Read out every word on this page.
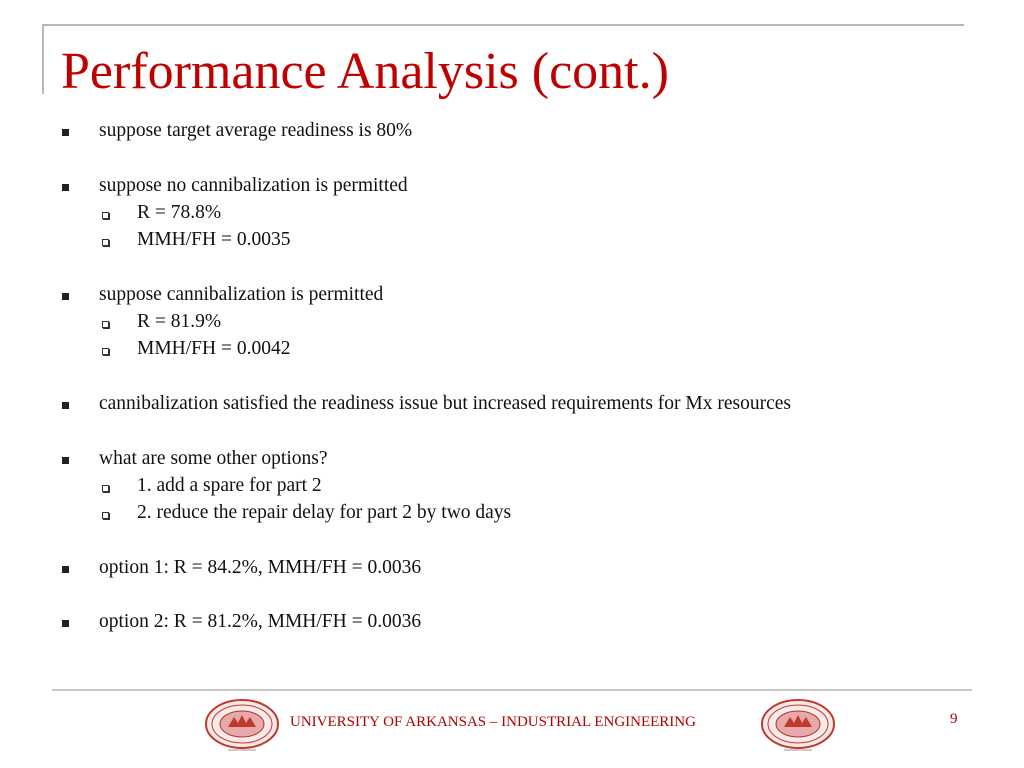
Performance Analysis (cont.)
suppose target average readiness is 80%
suppose no cannibalization is permitted
R = 78.8%
MMH/FH = 0.0035
suppose cannibalization is permitted
R = 81.9%
MMH/FH = 0.0042
cannibalization satisfied the readiness issue but increased requirements for Mx resources
what are some other options?
1. add a spare for part 2
2. reduce the repair delay for part 2 by two days
option 1: R = 84.2%, MMH/FH = 0.0036
option 2: R = 81.2%, MMH/FH = 0.0036
UNIVERSITY OF ARKANSAS – INDUSTRIAL ENGINEERING	9
